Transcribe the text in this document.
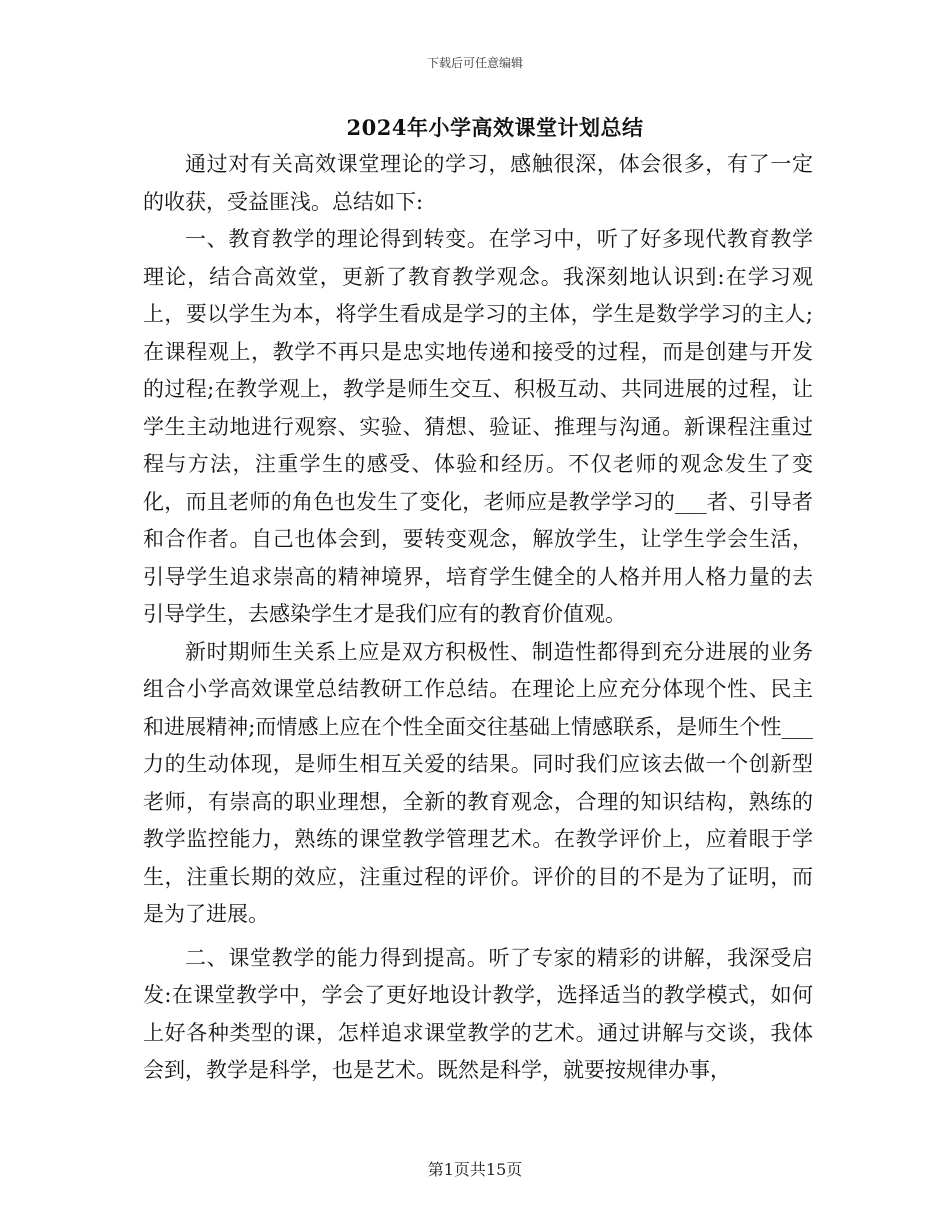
下载后可任意编辑
2024年小学高效课堂计划总结

通过对有关高效课堂理论的学习，感触很深，体会很多，有了一定的收获，受益匪浅。总结如下:

一、教育教学的理论得到转变。在学习中，听了好多现代教育教学理论，结合高效堂，更新了教育教学观念。我深刻地认识到:在学习观上，要以学生为本，将学生看成是学习的主体，学生是数学学习的主人;在课程观上，教学不再只是忠实地传递和接受的过程，而是创建与开发的过程;在教学观上，教学是师生交互、积极互动、共同进展的过程，让学生主动地进行观察、实验、猜想、验证、推理与沟通。新课程注重过程与方法，注重学生的感受、体验和经历。不仅老师的观念发生了变化，而且老师的角色也发生了变化，老师应是教学学习的___者、引导者和合作者。自己也体会到，要转变观念，解放学生，让学生学会生活，引导学生追求崇高的精神境界，培育学生健全的人格并用人格力量的去引导学生，去感染学生才是我们应有的教育价值观。

新时期师生关系上应是双方积极性、制造性都得到充分进展的业务组合小学高效课堂总结教研工作总结。在理论上应充分体现个性、民主和进展精神;而情感上应在个性全面交往基础上情感联系，是师生个性___力的生动体现，是师生相互关爱的结果。同时我们应该去做一个创新型老师，有崇高的职业理想，全新的教育观念，合理的知识结构，熟练的教学监控能力，熟练的课堂教学管理艺术。在教学评价上，应着眼于学生，注重长期的效应，注重过程的评价。评价的目的不是为了证明，而是为了进展。

二、课堂教学的能力得到提高。听了专家的精彩的讲解，我深受启发:在课堂教学中，学会了更好地设计教学，选择适当的教学模式，如何上好各种类型的课，怎样追求课堂教学的艺术。通过讲解与交谈，我体会到，教学是科学，也是艺术。既然是科学，就要按规律办事，

第1页共15页
